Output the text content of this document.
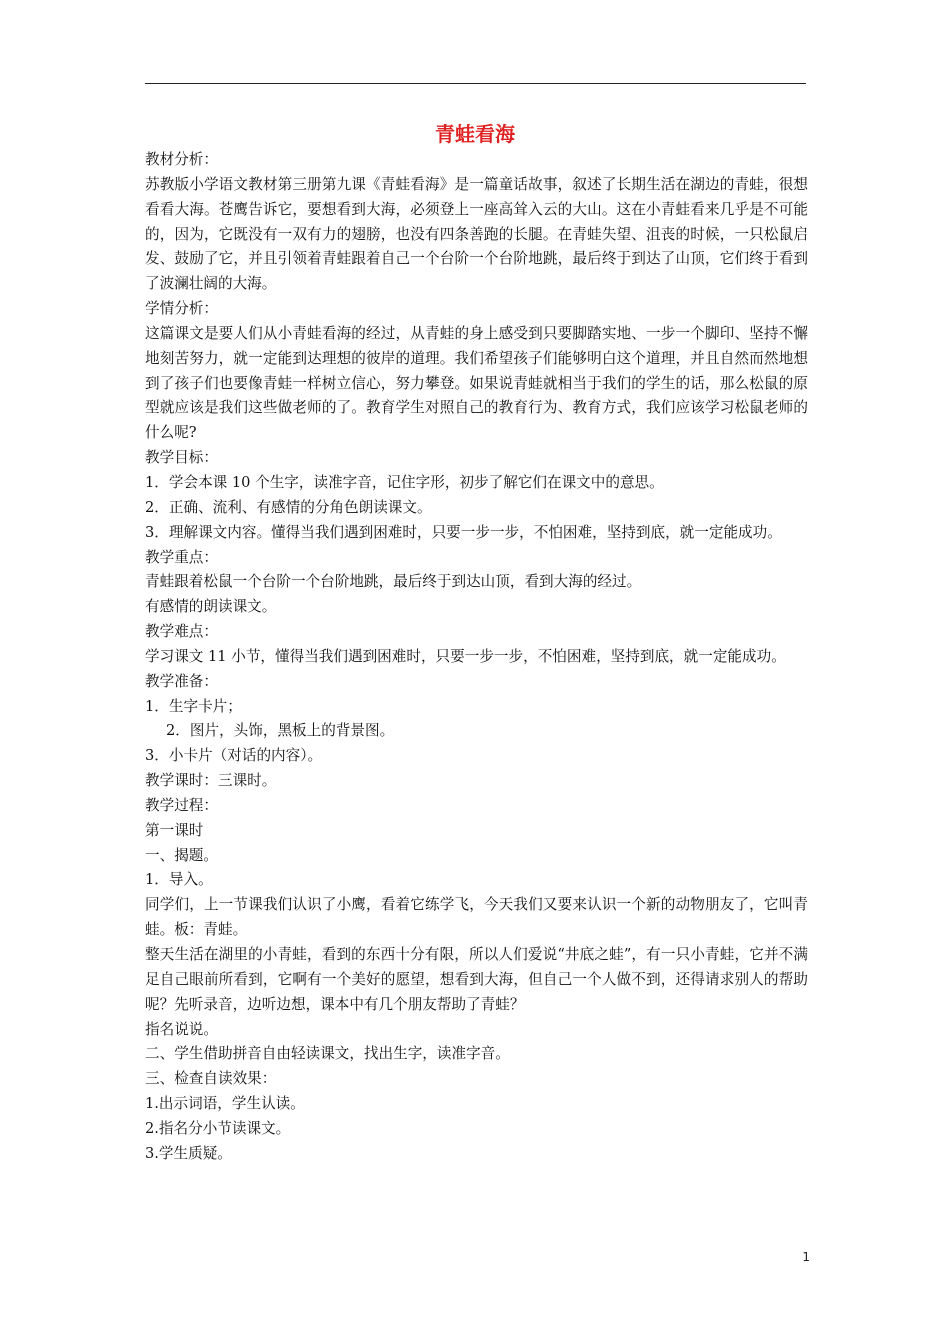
青蛙看海

教材分析：

苏教版小学语文教材第三册第九课《青蛙看海》是一篇童话故事，叙述了长期生活在湖边的青蛙，很想看看大海。苍鹰告诉它，要想看到大海，必须登上一座高耸入云的大山。这在小青蛙看来几乎是不可能的，因为，它既没有一双有力的翅膀，也没有四条善跑的长腿。在青蛙失望、沮丧的时候，一只松鼠启发、鼓励了它，并且引领着青蛙跟着自己一个台阶一个台阶地跳，最后终于到达了山顶，它们终于看到了波澜壮阔的大海。

学情分析：

这篇课文是要人们从小青蛙看海的经过，从青蛙的身上感受到只要脚踏实地、一步一个脚印、坚持不懈地刻苦努力，就一定能到达理想的彼岸的道理。我们希望孩子们能够明白这个道理，并且自然而然地想到了孩子们也要像青蛙一样树立信心，努力攀登。如果说青蛙就相当于我们的学生的话，那么松鼠的原型就应该是我们这些做老师的了。教育学生对照自己的教育行为、教育方式，我们应该学习松鼠老师的什么呢?

教学目标：

1．学会本课 10 个生字，读准字音，记住字形，初步了解它们在课文中的意思。

2．正确、流利、有感情的分角色朗读课文。

3．理解课文内容。懂得当我们遇到困难时，只要一步一步，不怕困难，坚持到底，就一定能成功。

教学重点：

青蛙跟着松鼠一个台阶一个台阶地跳，最后终于到达山顶，看到大海的经过。

有感情的朗读课文。

教学难点：

学习课文 11 小节，懂得当我们遇到困难时，只要一步一步，不怕困难，坚持到底，就一定能成功。

教学准备：

1．生字卡片；

2．图片，头饰，黑板上的背景图。

3．小卡片（对话的内容）。

教学课时：三课时。

教学过程：

第一课时

一、揭题。

1．导入。

同学们，上一节课我们认识了小鹰，看着它练学飞，今天我们又要来认识一个新的动物朋友了，它叫青蛙。板：青蛙。

整天生活在湖里的小青蛙，看到的东西十分有限，所以人们爱说“井底之蛙”，有一只小青蛙，它并不满足自己眼前所看到，它啊有一个美好的愿望，想看到大海，但自己一个人做不到，还得请求别人的帮助呢？先听录音，边听边想，课本中有几个朋友帮助了青蛙？

指名说说。

二、学生借助拼音自由轻读课文，找出生字，读准字音。

三、检查自读效果：

1.出示词语，学生认读。

2.指名分小节读课文。

3.学生质疑。

1
